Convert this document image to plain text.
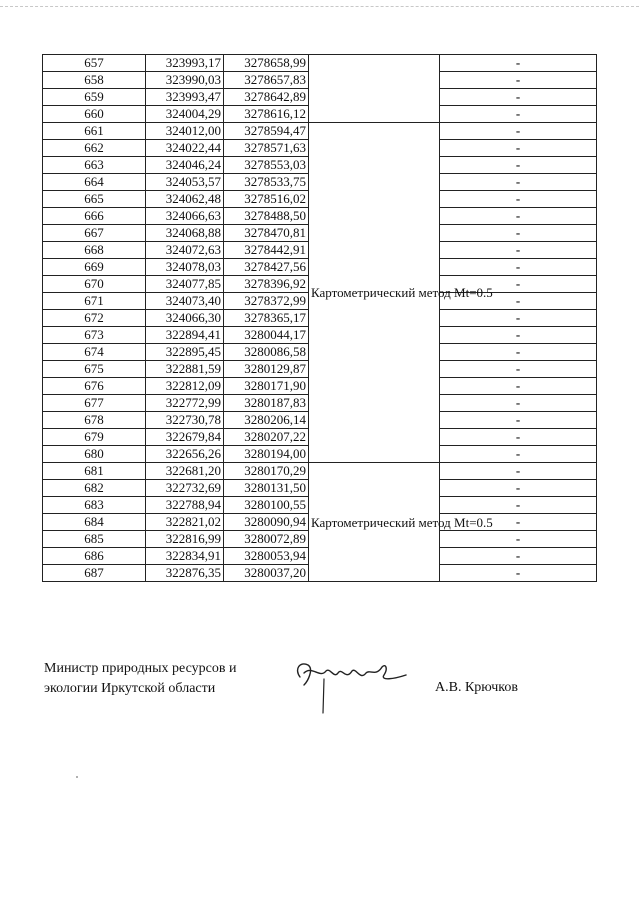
657	323993,17	3278658,99		-
658	323990,03	3278657,83		-
659	323993,47	3278642,89		-
660	324004,29	3278616,12		-
661	324012,00	3278594,47	Картометрический метод Mt=0.5	-
662	324022,44	3278571,63		-
663	324046,24	3278553,03		-
664	324053,57	3278533,75		-
665	324062,48	3278516,02		-
666	324066,63	3278488,50		-
667	324068,88	3278470,81		-
668	324072,63	3278442,91		-
669	324078,03	3278427,56		-
670	324077,85	3278396,92		-
671	324073,40	3278372,99		-
672	324066,30	3278365,17		-
673	322894,41	3280044,17		-
674	322895,45	3280086,58		-
675	322881,59	3280129,87		-
676	322812,09	3280171,90		-
677	322772,99	3280187,83		-
678	322730,78	3280206,14		-
679	322679,84	3280207,22		-
680	322656,26	3280194,00		-
681	322681,20	3280170,29	Картометрический метод Mt=0.5	-
682	322732,69	3280131,50		-
683	322788,94	3280100,55		-
684	322821,02	3280090,94		-
685	322816,99	3280072,89		-
686	322834,91	3280053,94		-
687	322876,35	3280037,20		-
Министр природных ресурсов и
экологии Иркутской области	А.В. Крючков
